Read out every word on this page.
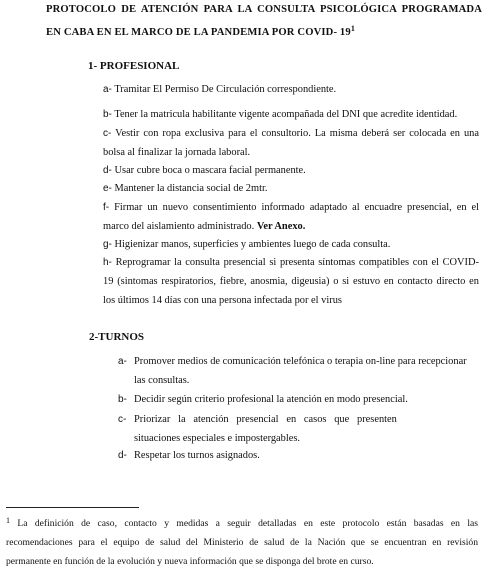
PROTOCOLO DE ATENCIÓN PARA LA CONSULTA PSICOLÓGICA PROGRAMADA
EN CABA EN EL MARCO DE LA PANDEMIA POR COVID- $19^1$
1- PROFESIONAL
a- Tramitar El Permiso De Circulación correspondiente.
b- Tener la matricula habilitante vigente acompañada del DNI que acredite identidad.
c- Vestir con ropa exclusiva para el consultorio. La misma deberá ser colocada en una
bolsa al finalizar la jornada laboral.
d- Usar cubre boca o mascara facial permanente.
e- Mantener la distancia social de 2mtr.
f- Firmar un nuevo consentimiento informado adaptado al encuadre presencial, en el
marco del aislamiento administrado. Ver Anexo.
g- Higienizar manos, superficies y ambientes luego de cada consulta.
h- Reprogramar la consulta presencial si presenta síntomas compatibles con el COVID-
19 (sintomas respiratorios, fiebre, anosmia, digeusia) o si estuvo en contacto directo en
los últimos 14 días con una persona infectada por el virus
2-TURNOS
a- Promover medios de comunicación telefónica o terapia on-line para recepcionar
las consultas.
b- Decidir según criterio profesional la atención en modo presencial.
c- Priorizar   la   atención   presencial   en   casos   que   presenten
situaciones especiales e impostergables.
d- Respetar los turnos asignados.
$^1$ La definición de caso, contacto y medidas a seguir detalladas en este protocolo están basadas en las
recomendaciones para el equipo de salud del Ministerio de salud de la Nación que se encuentran en revisión
permanente en función de la evolución y nueva información que se disponga del brote en curso.
